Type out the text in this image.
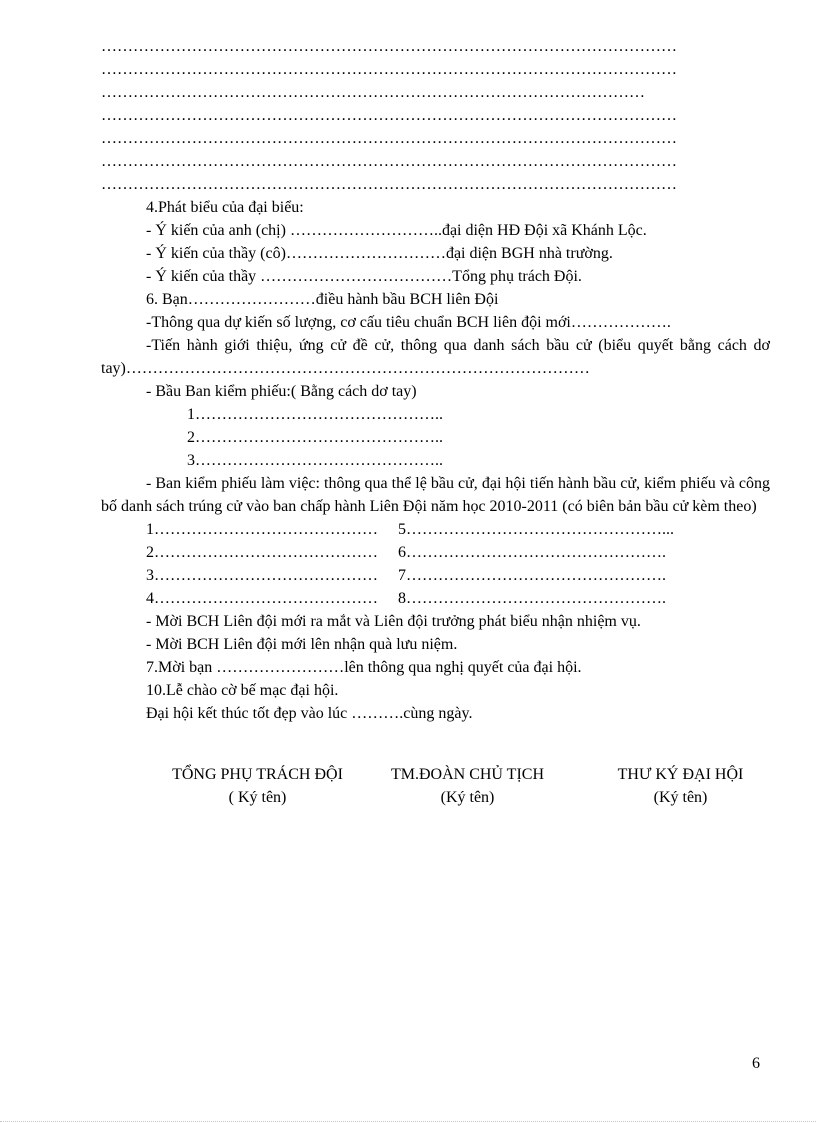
………………………………………………………………………………………………
………………………………………………………………………………………………
…………………………………………………………………………………………
………………………………………………………………………………………………
………………………………………………………………………………………………
………………………………………………………………………………………………
………………………………………………………………………………………………
4.Phát biểu của đại biểu:
- Ý kiến của anh (chị) ………………………..đại diện HĐ Đội xã Khánh Lộc.
- Ý kiến của thầy (cô)…………………………đại diện BGH nhà trường.
- Ý kiến của thầy ………………………………Tổng phụ trách Đội.
6. Bạn……………………điều hành bầu BCH liên Đội
-Thông qua dự kiến số lượng, cơ cấu tiêu chuẩn BCH liên đội mới……………….
-Tiến hành giới thiệu, ứng cử đề cử, thông qua danh sách bầu cử (biểu quyết bằng cách dơ tay)……………………………………………………………………………
- Bầu Ban kiểm phiếu:( Bằng cách dơ tay)
1………………………………………..
2………………………………………..
3………………………………………..
- Ban kiểm phiếu làm việc: thông qua thể lệ bầu cử, đại hội tiến hành bầu cử, kiểm phiếu và công bố danh sách trúng cử vào ban chấp hành Liên Đội năm học 2010-2011 (có biên bản bầu cử kèm theo)
1……………………………………	5…………………………………………...
2……………………………………	6………………………………………….
3……………………………………	7………………………………………….
4……………………………………	8………………………………………….
- Mời BCH Liên đội mới ra mắt và Liên đội trưởng phát biểu nhận nhiệm vụ.
- Mời BCH Liên đội mới lên nhận quà lưu niệm.
7.Mời bạn ……………………lên thông qua nghị quyết của đại hội.
10.Lễ chào cờ bế mạc đại hội.
Đại hội kết thúc tốt đẹp vào lúc ……….cùng ngày.
TỔNG PHỤ TRÁCH ĐỘI
( Ký tên)
TM.ĐOÀN CHỦ TỊCH
(Ký tên)
THƯ KÝ ĐẠI HỘI
(Ký tên)
6
